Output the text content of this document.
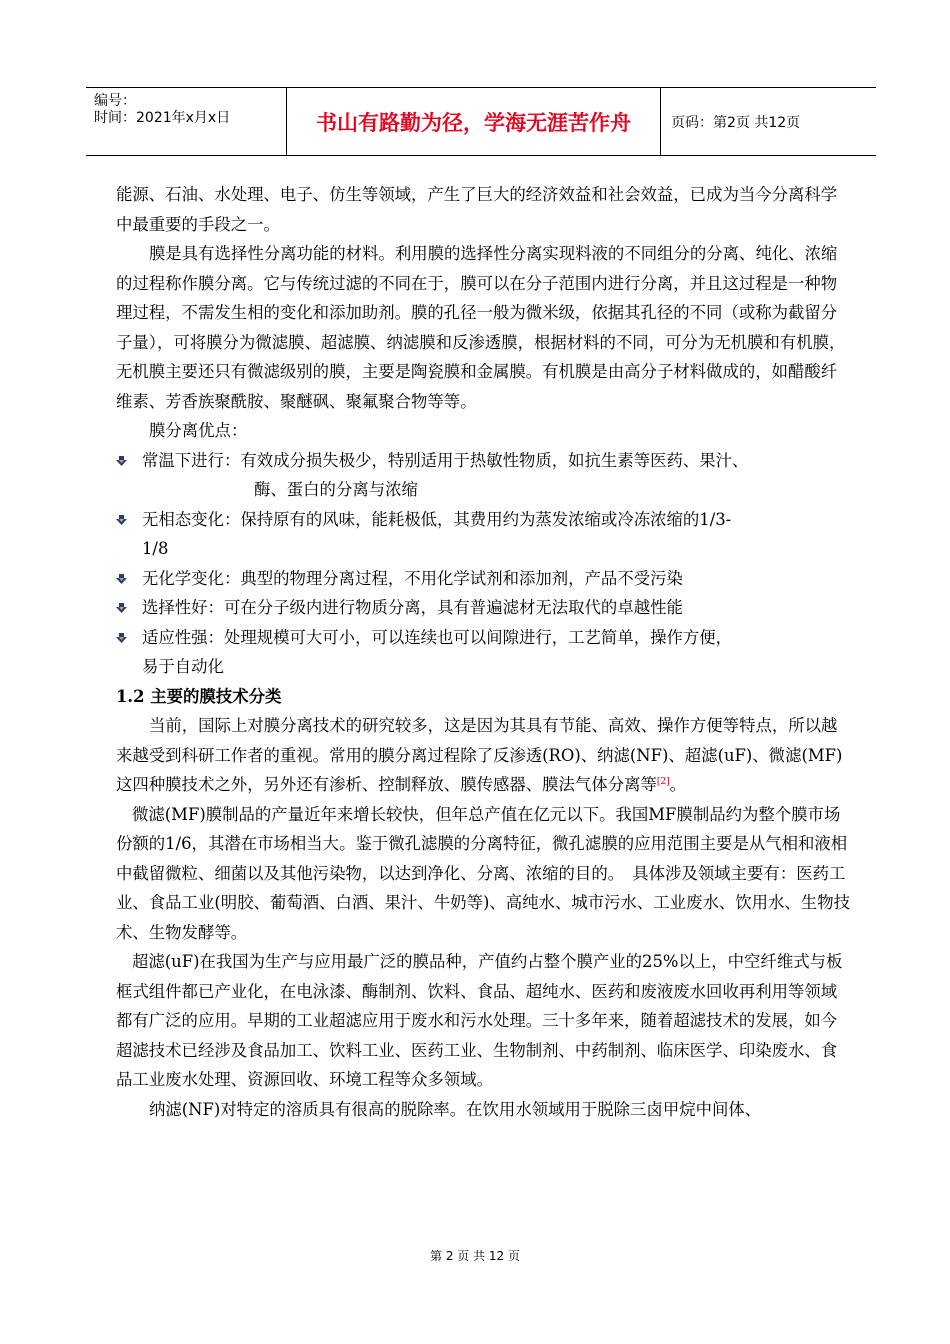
编号：
时间：2021年x月x日	书山有路勤为径，学海无涯苦作舟	页码：第2页 共12页

能源、石油、水处理、电子、仿生等领域，产生了巨大的经济效益和社会效益，已成为当今分离科学中最重要的手段之一。

膜是具有选择性分离功能的材料。利用膜的选择性分离实现料液的不同组分的分离、纯化、浓缩的过程称作膜分离。它与传统过滤的不同在于，膜可以在分子范围内进行分离，并且这过程是一种物理过程，不需发生相的变化和添加助剂。膜的孔径一般为微米级，依据其孔径的不同（或称为截留分子量），可将膜分为微滤膜、超滤膜、纳滤膜和反渗透膜，根据材料的不同，可分为无机膜和有机膜，无机膜主要还只有微滤级别的膜，主要是陶瓷膜和金属膜。有机膜是由高分子材料做成的，如醋酸纤维素、芳香族聚酰胺、聚醚砜、聚氟聚合物等等。

膜分离优点：

常温下进行：有效成分损失极少，特别适用于热敏性物质，如抗生素等医药、果汁、
酶、蛋白的分离与浓缩
无相态变化：保持原有的风味，能耗极低，其费用约为蒸发浓缩或冷冻浓缩的1/3-
1/8
无化学变化：典型的物理分离过程，不用化学试剂和添加剂，产品不受污染
选择性好：可在分子级内进行物质分离，具有普遍滤材无法取代的卓越性能
适应性强：处理规模可大可小，可以连续也可以间隙进行，工艺简单，操作方便，
易于自动化

1.2 主要的膜技术分类

当前，国际上对膜分离技术的研究较多，这是因为其具有节能、高效、操作方便等特点，所以越来越受到科研工作者的重视。常用的膜分离过程除了反渗透(RO)、纳滤(NF)、超滤(uF)、微滤(MF)这四种膜技术之外，另外还有渗析、控制释放、膜传感器、膜法气体分离等[2]。

微滤(MF)膜制品的产量近年来增长较快，但年总产值在亿元以下。我国MF膜制品约为整个膜市场份额的1/6，其潜在市场相当大。鉴于微孔滤膜的分离特征，微孔滤膜的应用范围主要是从气相和液相中截留微粒、细菌以及其他污染物，以达到净化、分离、浓缩的目的。　具体涉及领域主要有：医药工业、食品工业(明胶、葡萄酒、白酒、果汁、牛奶等)、高纯水、城市污水、工业废水、饮用水、生物技术、生物发酵等。

超滤(uF)在我国为生产与应用最广泛的膜品种，产值约占整个膜产业的25%以上，中空纤维式与板框式组件都已产业化，在电泳漆、酶制剂、饮料、食品、超纯水、医药和废液废水回收再利用等领域都有广泛的应用。早期的工业超滤应用于废水和污水处理。三十多年来，随着超滤技术的发展，如今超滤技术已经涉及食品加工、饮料工业、医药工业、生物制剂、中药制剂、临床医学、印染废水、食品工业废水处理、资源回收、环境工程等众多领域。

纳滤(NF)对特定的溶质具有很高的脱除率。在饮用水领域用于脱除三卤甲烷中间体、

第 2 页 共 12 页
